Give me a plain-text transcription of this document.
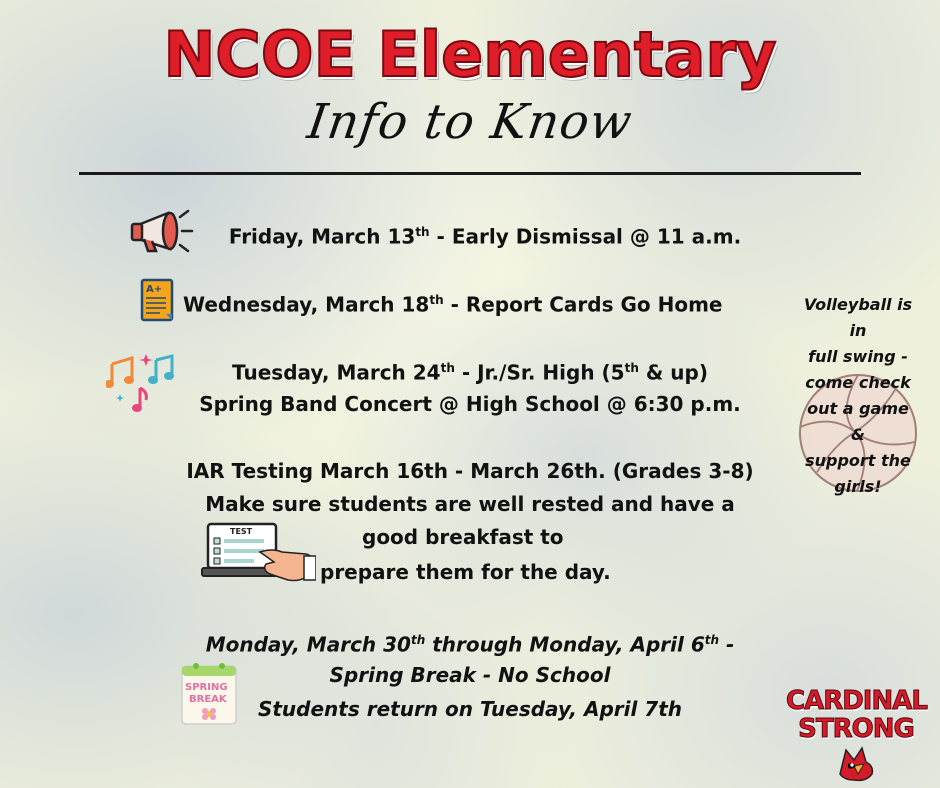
NCOE Elementary
Info to Know
Friday, March 13th - Early Dismissal @ 11 a.m.
A+
Wednesday, March 18th - Report Cards Go Home
Tuesday, March 24th - Jr./Sr. High (5th & up)
Spring Band Concert @ High School @ 6:30 p.m.
IAR Testing March 16th - March 26th. (Grades 3-8)
Make sure students are well rested and have a
good breakfast to
prepare them for the day.
TEST
SPRING
BREAK
Monday, March 30th through Monday, April 6th -
Spring Break - No School
Students return on Tuesday, April 7th
Volleyball is
in
full swing -
come check
out a game
&
support the
girls!
CARDINAL
STRONG
